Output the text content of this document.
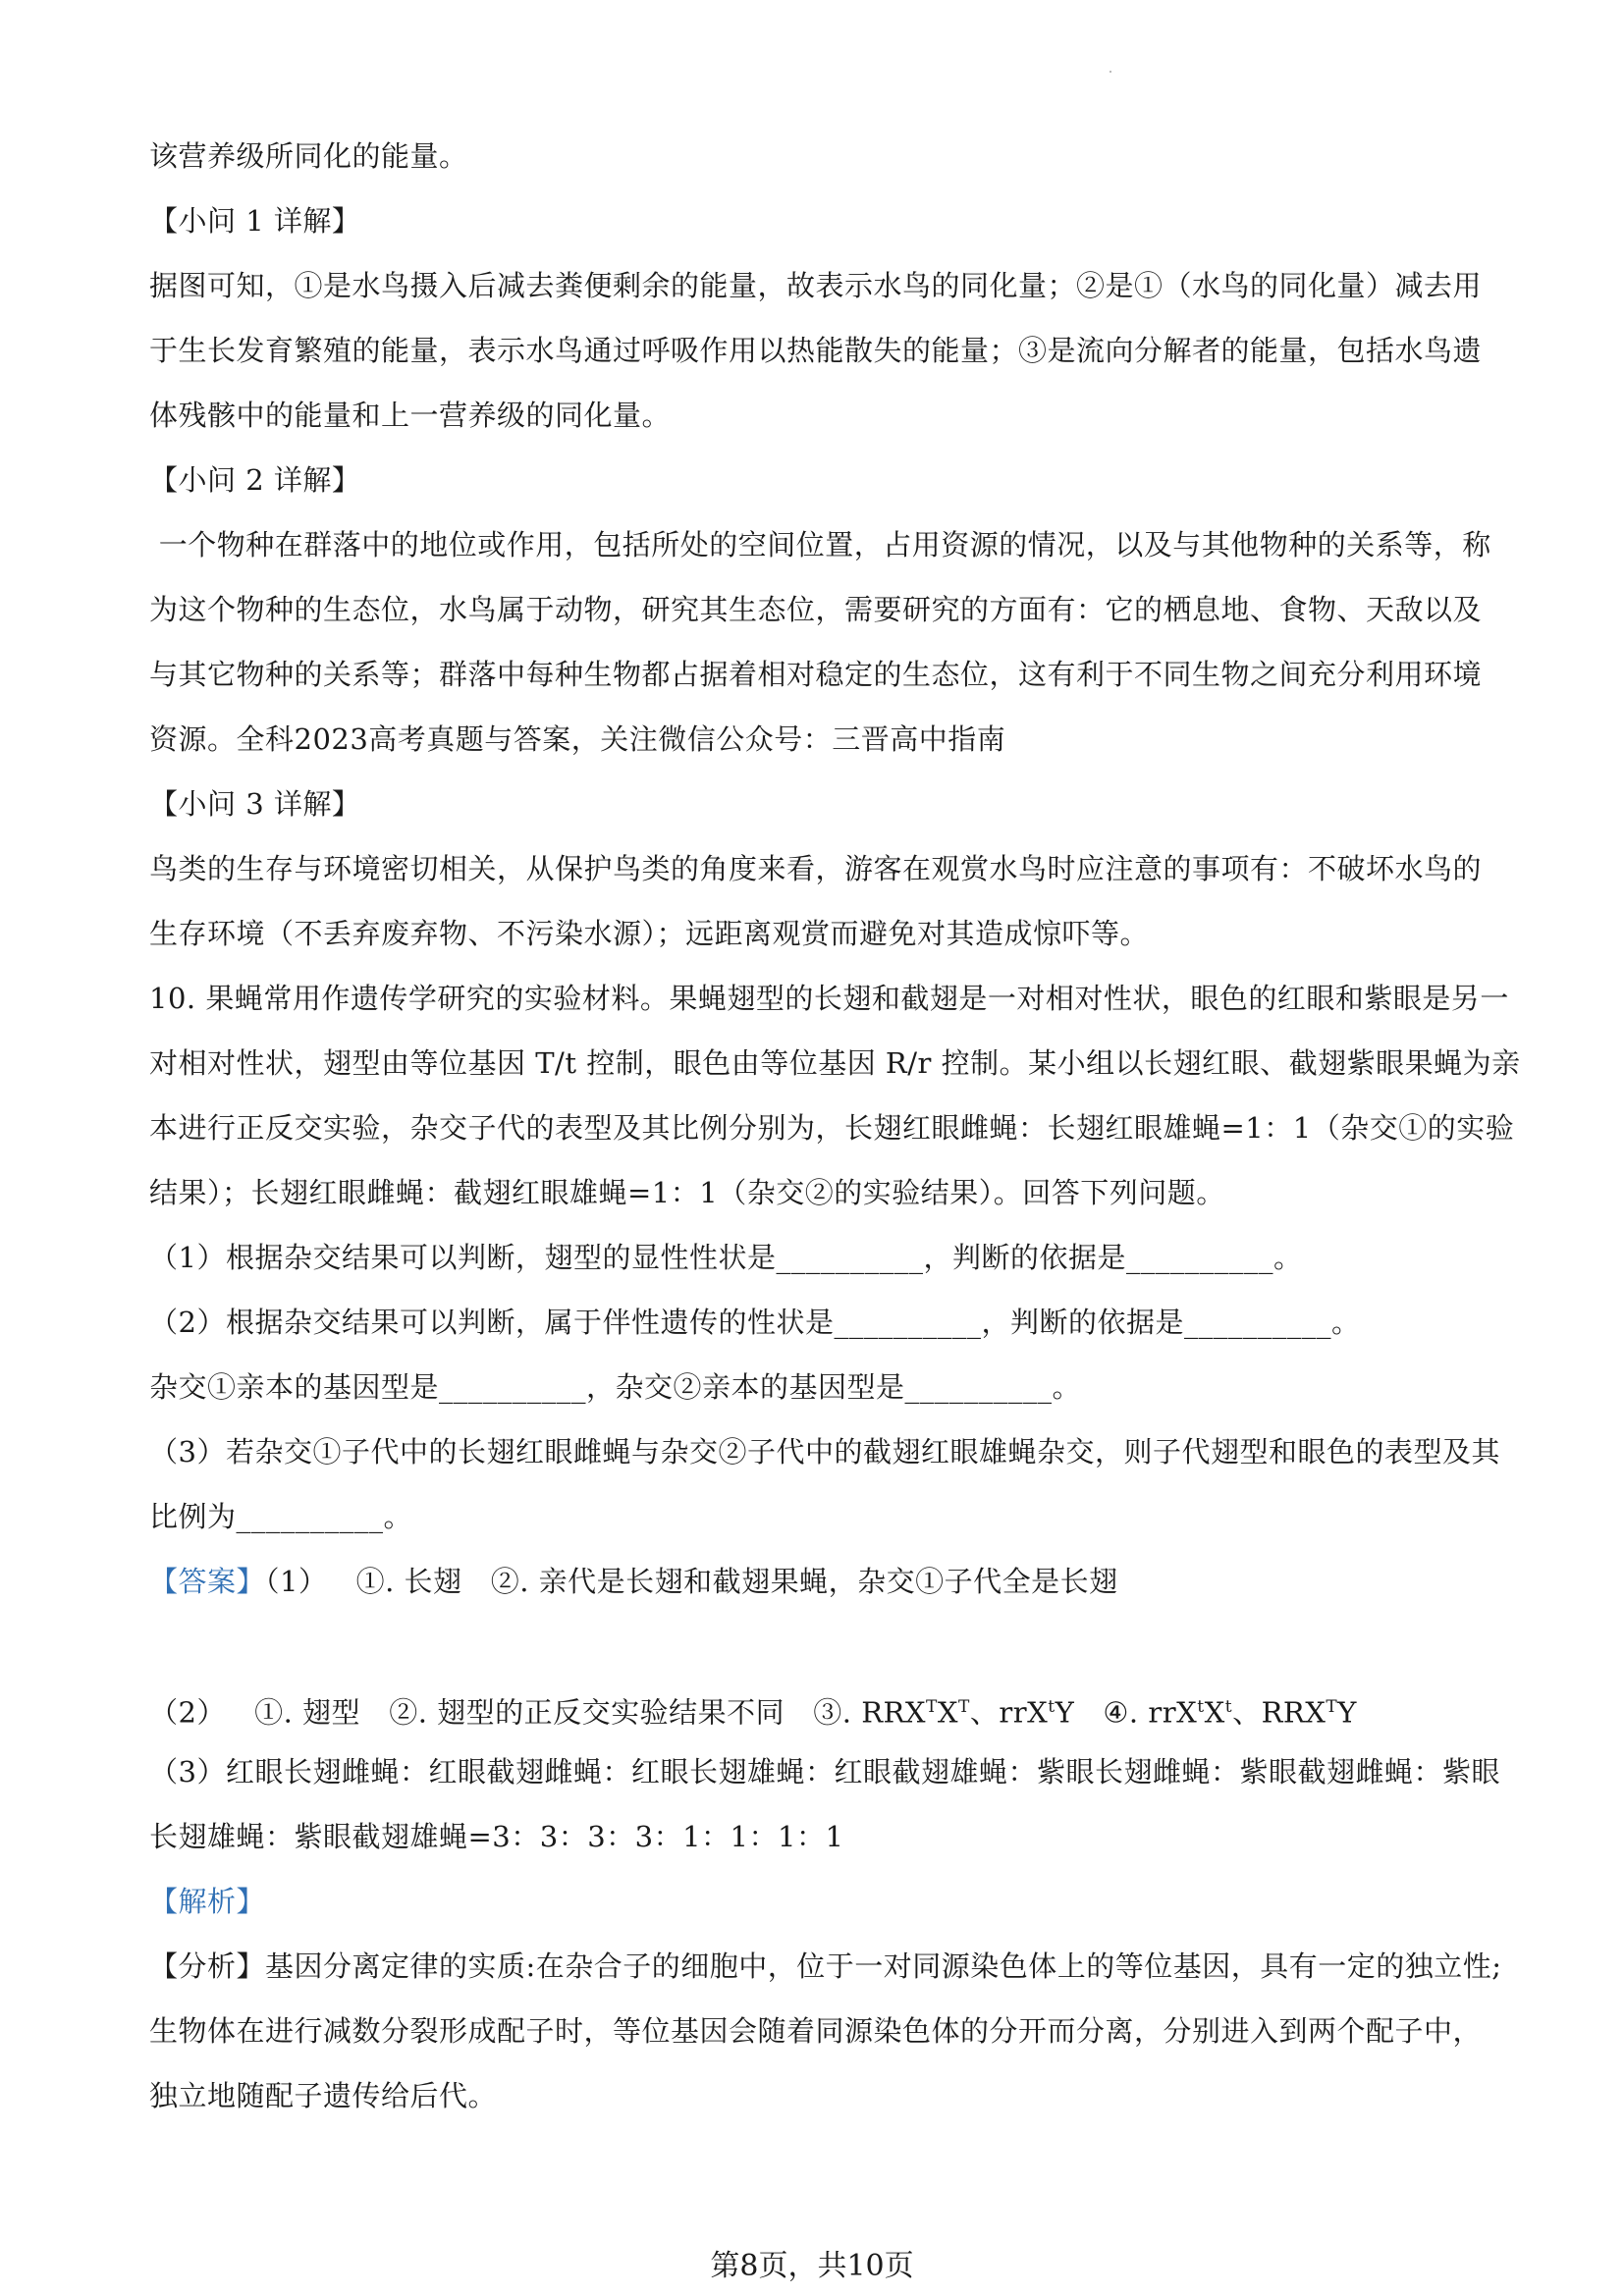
该营养级所同化的能量。
【小问 1 详解】
据图可知，①是水鸟摄入后减去粪便剩余的能量，故表示水鸟的同化量；②是①（水鸟的同化量）减去用
于生长发育繁殖的能量，表示水鸟通过呼吸作用以热能散失的能量；③是流向分解者的能量，包括水鸟遗
体残骸中的能量和上一营养级的同化量。
【小问 2 详解】
一个物种在群落中的地位或作用，包括所处的空间位置，占用资源的情况，以及与其他物种的关系等，称
为这个物种的生态位，水鸟属于动物，研究其生态位，需要研究的方面有：它的栖息地、食物、天敌以及
与其它物种的关系等；群落中每种生物都占据着相对稳定的生态位，这有利于不同生物之间充分利用环境
资源。全科2023高考真题与答案，关注微信公众号：三晋高中指南
【小问 3 详解】
鸟类的生存与环境密切相关，从保护鸟类的角度来看，游客在观赏水鸟时应注意的事项有：不破坏水鸟的
生存环境（不丢弃废弃物、不污染水源）；远距离观赏而避免对其造成惊吓等。
10. 果蝇常用作遗传学研究的实验材料。果蝇翅型的长翅和截翅是一对相对性状，眼色的红眼和紫眼是另一
对相对性状，翅型由等位基因 T/t 控制，眼色由等位基因 R/r 控制。某小组以长翅红眼、截翅紫眼果蝇为亲
本进行正反交实验，杂交子代的表型及其比例分别为，长翅红眼雌蝇：长翅红眼雄蝇=1：1（杂交①的实验
结果）；长翅红眼雌蝇：截翅红眼雄蝇=1：1（杂交②的实验结果）。回答下列问题。
（1）根据杂交结果可以判断，翅型的显性性状是__________，判断的依据是__________。
（2）根据杂交结果可以判断，属于伴性遗传的性状是__________，判断的依据是__________。
杂交①亲本的基因型是__________，杂交②亲本的基因型是__________。
（3）若杂交①子代中的长翅红眼雌蝇与杂交②子代中的截翅红眼雄蝇杂交，则子代翅型和眼色的表型及其
比例为__________。
【答案】（1）   ①. 长翅   ②. 亲代是长翅和截翅果蝇，杂交①子代全是长翅
（2）   ①. 翅型   ②. 翅型的正反交实验结果不同   ③. $RRX^TX^T$、rrX$^t$Y   ④. $rrX^tX^t$、$RRX^TY$
（3）红眼长翅雌蝇：红眼截翅雌蝇：红眼长翅雄蝇：红眼截翅雄蝇：紫眼长翅雌蝇：紫眼截翅雌蝇：紫眼
长翅雄蝇：紫眼截翅雄蝇=3：3：3：3：1：1：1：1
【解析】
【分析】基因分离定律的实质:在杂合子的细胞中，位于一对同源染色体上的等位基因，具有一定的独立性;
生物体在进行减数分裂形成配子时，等位基因会随着同源染色体的分开而分离，分别进入到两个配子中，
独立地随配子遗传给后代。
第8页，共10页
